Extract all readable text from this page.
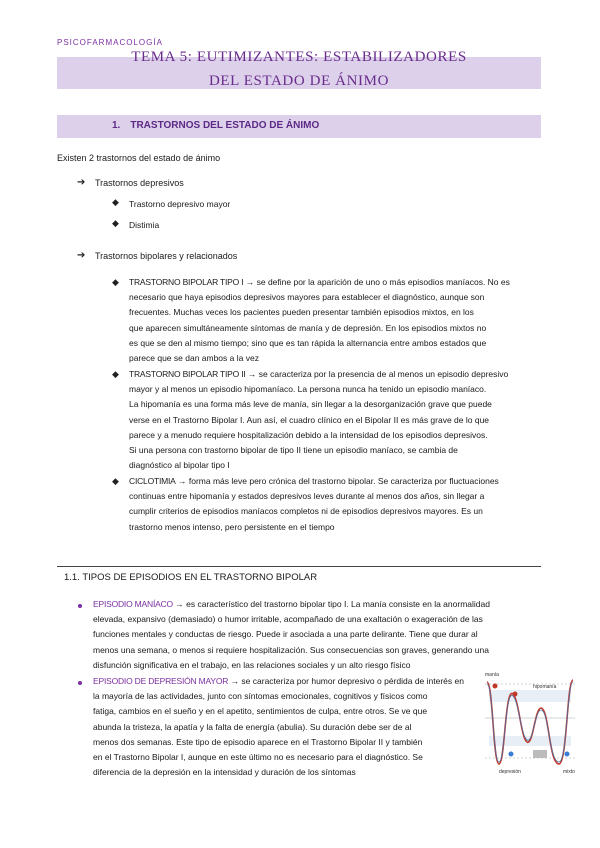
PSICOFARMACOLOGÍA
TEMA 5: EUTIMIZANTES: ESTABILIZADORES
DEL ESTADO DE ÁNIMO
1. TRASTORNOS DEL ESTADO DE ÁNIMO
Existen 2 trastornos del estado de ánimo
➔ Trastornos depresivos
◆ Trastorno depresivo mayor
◆ Distimia
➔ Trastornos bipolares y relacionados
◆ TRASTORNO BIPOLAR TIPO I → se define por la aparición de uno o más episodios maníacos. No es
necesario que haya episodios depresivos mayores para establecer el diagnóstico, aunque son
frecuentes. Muchas veces los pacientes pueden presentar también episodios mixtos, en los
que aparecen simultáneamente síntomas de manía y de depresión. En los episodios mixtos no
es que se den al mismo tiempo; sino que es tan rápida la alternancia entre ambos estados que
parece que se dan ambos a la vez
◆ TRASTORNO BIPOLAR TIPO II → se caracteriza por la presencia de al menos un episodio depresivo
mayor y al menos un episodio hipomaníaco. La persona nunca ha tenido un episodio maníaco.
La hipomanía es una forma más leve de manía, sin llegar a la desorganización grave que puede
verse en el Trastorno Bipolar I. Aun así, el cuadro clínico en el Bipolar II es más grave de lo que
parece y a menudo requiere hospitalización debido a la intensidad de los episodios depresivos.
Si una persona con trastorno bipolar de tipo II tiene un episodio maníaco, se cambia de
diagnóstico al bipolar tipo I
◆ CICLOTIMIA → forma más leve pero crónica del trastorno bipolar. Se caracteriza por fluctuaciones
continuas entre hipomanía y estados depresivos leves durante al menos dos años, sin llegar a
cumplir criterios de episodios maníacos completos ni de episodios depresivos mayores. Es un
trastorno menos intenso, pero persistente en el tiempo
1.1. TIPOS DE EPISODIOS EN EL TRASTORNO BIPOLAR
EPISODIO MANÍACO → es característico del trastorno bipolar tipo I. La manía consiste en la anormalidad
elevada, expansivo (demasiado) o humor irritable, acompañado de una exaltación o exageración de las
funciones mentales y conductas de riesgo. Puede ir asociada a una parte delirante. Tiene que durar al
menos una semana, o menos si requiere hospitalización. Sus consecuencias son graves, generando una
disfunción significativa en el trabajo, en las relaciones sociales y un alto riesgo físico
EPISODIO DE DEPRESIÓN MAYOR → se caracteriza por humor depresivo o pérdida de interés en
la mayoría de las actividades, junto con síntomas emocionales, cognitivos y físicos como
fatiga, cambios en el sueño y en el apetito, sentimientos de culpa, entre otros. Se ve que
abunda la tristeza, la apatía y la falta de energía (abulia). Su duración debe ser de al
menos dos semanas. Este tipo de episodio aparece en el Trastorno Bipolar II y también
en el Trastorno Bipolar I, aunque en este último no es necesario para el diagnóstico. Se
diferencia de la depresión en la intensidad y duración de los síntomas
manía
hipomanía
depresión	mixto
